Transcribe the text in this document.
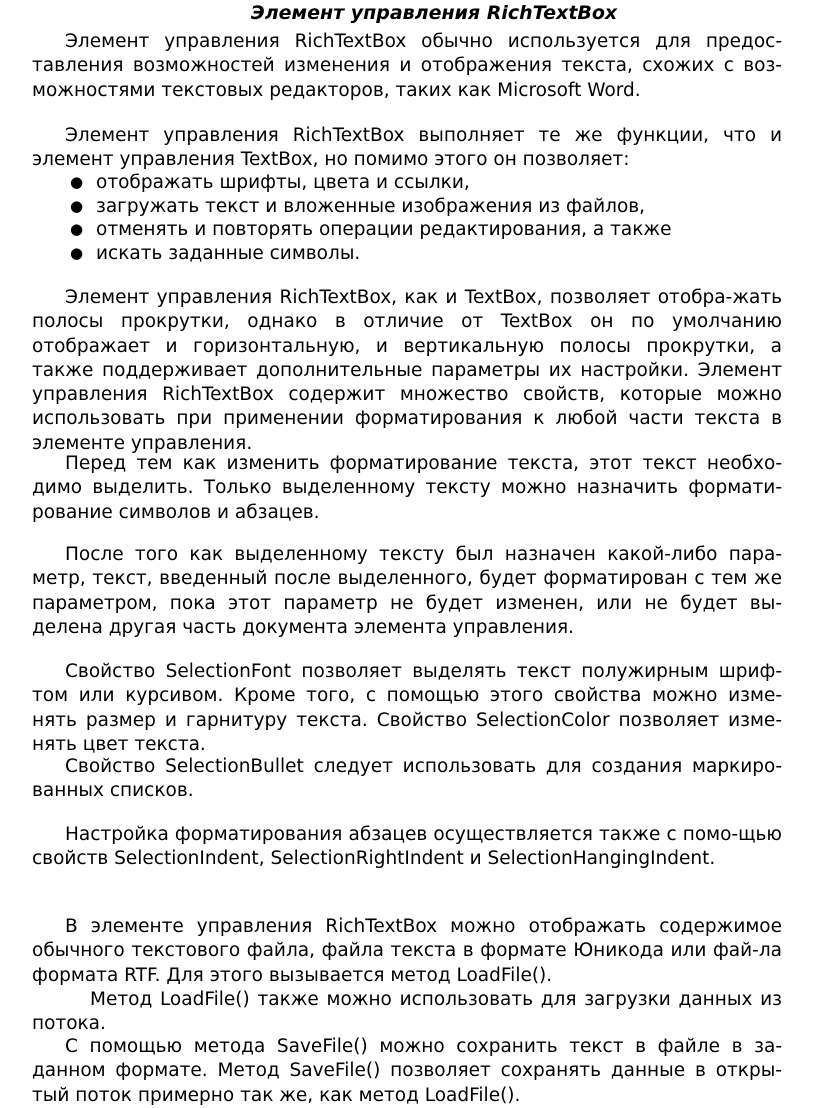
Элемент управления RichTextBox

Элемент управления RichTextBox обычно используется для предос-тавления возможностей изменения и отображения текста, схожих с воз-можностями текстовых редакторов, таких как Microsoft Word.

Элемент управления RichTextBox выполняет те же функции, что и элемент управления TextBox, но помимо этого он позволяет:

● отображать шрифты, цвета и ссылки,
● загружать текст и вложенные изображения из файлов,
● отменять и повторять операции редактирования, а также
● искать заданные символы.

Элемент управления RichTextBox, как и TextBox, позволяет отобра-жать полосы прокрутки, однако в отличие от TextBox он по умолчанию отображает и горизонтальную, и вертикальную полосы прокрутки, а также поддерживает дополнительные параметры их настройки. Элемент управления RichTextBox содержит множество свойств, которые можно использовать при применении форматирования к любой части текста в элементе управления.

Перед тем как изменить форматирование текста, этот текст необхо-димо выделить. Только выделенному тексту можно назначить формати-рование символов и абзацев.

После того как выделенному тексту был назначен какой-либо пара-метр, текст, введенный после выделенного, будет форматирован с тем же параметром, пока этот параметр не будет изменен, или не будет вы-делена другая часть документа элемента управления.

Свойство SelectionFont позволяет выделять текст полужирным шриф-том или курсивом. Кроме того, с помощью этого свойства можно изме- нять размер и гарнитуру текста. Свойство SelectionColor позволяет изме- нять цвет текста.

Свойство SelectionBullet следует использовать для создания маркиро-ванных списков.

Настройка форматирования абзацев осуществляется также с помо-щью свойств SelectionIndent, SelectionRightIndent и SelectionHangingIndent.

В элементе управления RichTextBox можно отображать содержимое обычного текстового файла, файла текста в формате Юникода или фай-ла формата RTF. Для этого вызывается метод LoadFile().

Метод LoadFile() также можно использовать для загрузки данных из потока.

С помощью метода SaveFile() можно сохранить текст в файле в за-данном формате. Метод SaveFile() позволяет сохранять данные в откры-тый поток примерно так же, как метод LoadFile().
